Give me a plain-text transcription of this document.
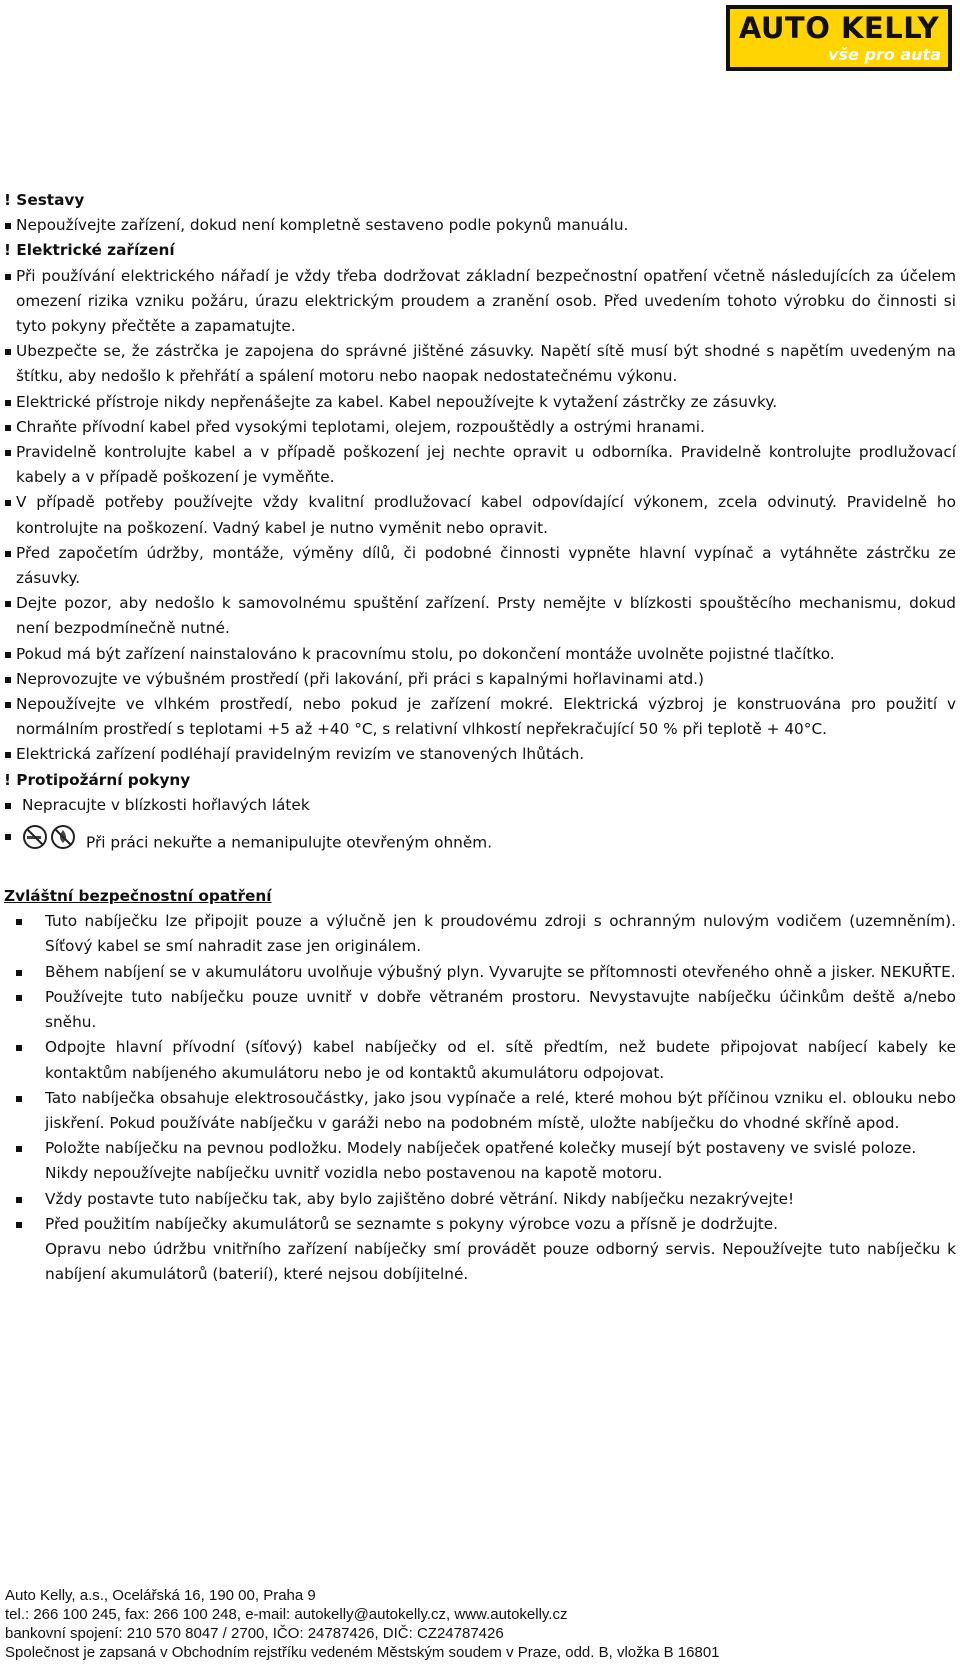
AUTO KELLY
vše pro auta
! Sestavy
Nepoužívejte zařízení, dokud není kompletně sestaveno podle pokynů manuálu.
! Elektrické zařízení
Při používání elektrického nářadí je vždy třeba dodržovat základní bezpečnostní opatření včetně následujících za účelem omezení rizika vzniku požáru, úrazu elektrickým proudem a zranění osob. Před uvedením tohoto výrobku do činnosti si tyto pokyny přečtěte a zapamatujte.
Ubezpečte se, že zástrčka je zapojena do správné jištěné zásuvky. Napětí sítě musí být shodné s napětím uvedeným na štítku, aby nedošlo k přehřátí a spálení motoru nebo naopak nedostatečnému výkonu.
Elektrické přístroje nikdy nepřenášejte za kabel. Kabel nepoužívejte k vytažení zástrčky ze zásuvky.
Chraňte přívodní kabel před vysokými teplotami, olejem, rozpouštědly a ostrými hranami.
Pravidelně kontrolujte kabel a v případě poškození jej nechte opravit u odborníka. Pravidelně kontrolujte prodlužovací kabely a v případě poškození je vyměňte.
V případě potřeby používejte vždy kvalitní prodlužovací kabel odpovídající výkonem, zcela odvinutý. Pravidelně ho kontrolujte na poškození. Vadný kabel je nutno vyměnit nebo opravit.
Před započetím údržby, montáže, výměny dílů, či podobné činnosti vypněte hlavní vypínač a vytáhněte zástrčku ze zásuvky.
Dejte pozor, aby nedošlo k samovolnému spuštění zařízení. Prsty nemějte v blízkosti spouštěcího mechanismu, dokud není bezpodmínečně nutné.
Pokud má být zařízení nainstalováno k pracovnímu stolu, po dokončení montáže uvolněte pojistné tlačítko.
Neprovozujte ve výbušném prostředí (při lakování, při práci s kapalnými hořlavinami atd.)
Nepoužívejte ve vlhkém prostředí, nebo pokud je zařízení mokré. Elektrická výzbroj je konstruována pro použití v normálním prostředí s teplotami +5 až +40 °C, s relativní vlhkostí nepřekračující 50 % při teplotě + 40°C.
Elektrická zařízení podléhají pravidelným revizím ve stanovených lhůtách.
! Protipožární pokyny
Nepracujte v blízkosti hořlavých látek
Při práci nekuřte a nemanipulujte otevřeným ohněm.
Zvláštní bezpečnostní opatření
Tuto nabíječku lze připojit pouze a výlučně jen k proudovému zdroji s ochranným nulovým vodičem (uzemněním). Síťový kabel se smí nahradit zase jen originálem.
Během nabíjení se v akumulátoru uvolňuje výbušný plyn. Vyvarujte se přítomnosti otevřeného ohně a jisker. NEKUŘTE.
Používejte tuto nabíječku pouze uvnitř v dobře větraném prostoru. Nevystavujte nabíječku účinkům deště a/nebo sněhu.
Odpojte hlavní přívodní (síťový) kabel nabíječky od el. sítě předtím, než budete připojovat nabíjecí kabely ke kontaktům nabíjeného akumulátoru nebo je od kontaktů akumulátoru odpojovat.
Tato nabíječka obsahuje elektrosoučástky, jako jsou vypínače a relé, které mohou být příčinou vzniku el. oblouku nebo jiskření. Pokud používáte nabíječku v garáži nebo na podobném místě, uložte nabíječku do vhodné skříně apod.
Položte nabíječku na pevnou podložku. Modely nabíječek opatřené kolečky musejí být postaveny ve svislé poloze.
Nikdy nepoužívejte nabíječku uvnitř vozidla nebo postavenou na kapotě motoru.
Vždy postavte tuto nabíječku tak, aby bylo zajištěno dobré větrání. Nikdy nabíječku nezakrývejte!
Před použitím nabíječky akumulátorů se seznamte s pokyny výrobce vozu a přísně je dodržujte.
Opravu nebo údržbu vnitřního zařízení nabíječky smí provádět pouze odborný servis. Nepoužívejte tuto nabíječku k nabíjení akumulátorů (baterií), které nejsou dobíjitelné.
Auto Kelly, a.s., Ocelářská 16, 190 00, Praha 9
tel.: 266 100 245, fax: 266 100 248, e-mail: autokelly@autokelly.cz, www.autokelly.cz
bankovní spojení: 210 570 8047 / 2700, IČO: 24787426, DIČ: CZ24787426
Společnost je zapsaná v Obchodním rejstříku vedeném Městským soudem v Praze, odd. B, vložka B 16801
